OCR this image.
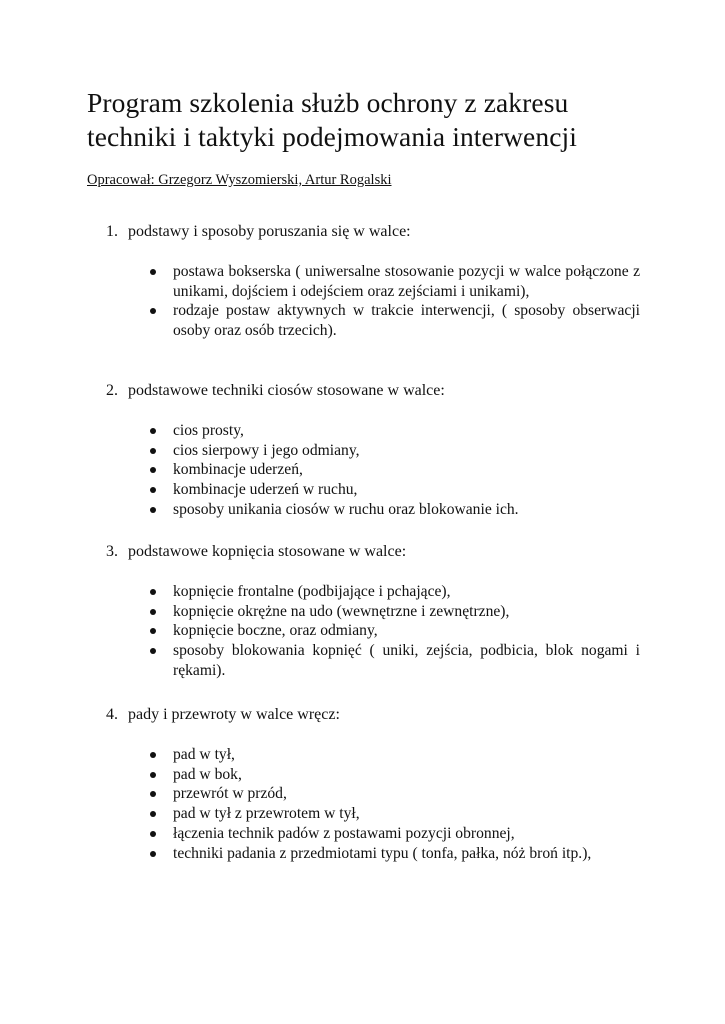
Program szkolenia służb ochrony z zakresu
techniki i taktyki podejmowania interwencji
Opracował: Grzegorz Wyszomierski, Artur Rogalski
1. podstawy i sposoby poruszania się w walce:
postawa bokserska ( uniwersalne stosowanie pozycji w walce połączone z unikami, dojściem i odejściem oraz zejściami i unikami),
rodzaje postaw aktywnych w trakcie interwencji, ( sposoby obserwacji osoby oraz osób trzecich).
2. podstawowe techniki ciosów stosowane w walce:
cios prosty,
cios sierpowy i jego odmiany,
kombinacje uderzeń,
kombinacje uderzeń w ruchu,
sposoby unikania ciosów w ruchu oraz blokowanie ich.
3. podstawowe kopnięcia stosowane w walce:
kopnięcie frontalne (podbijające i pchające),
kopnięcie okrężne na udo (wewnętrzne i zewnętrzne),
kopnięcie boczne, oraz odmiany,
sposoby blokowania kopnięć ( uniki, zejścia, podbicia, blok nogami i rękami).
4. pady i przewroty w walce wręcz:
pad w tył,
pad w bok,
przewrót w przód,
pad w tył z przewrotem w tył,
łączenia technik padów z postawami pozycji obronnej,
techniki padania z przedmiotami typu ( tonfa, pałka, nóż broń itp.),
